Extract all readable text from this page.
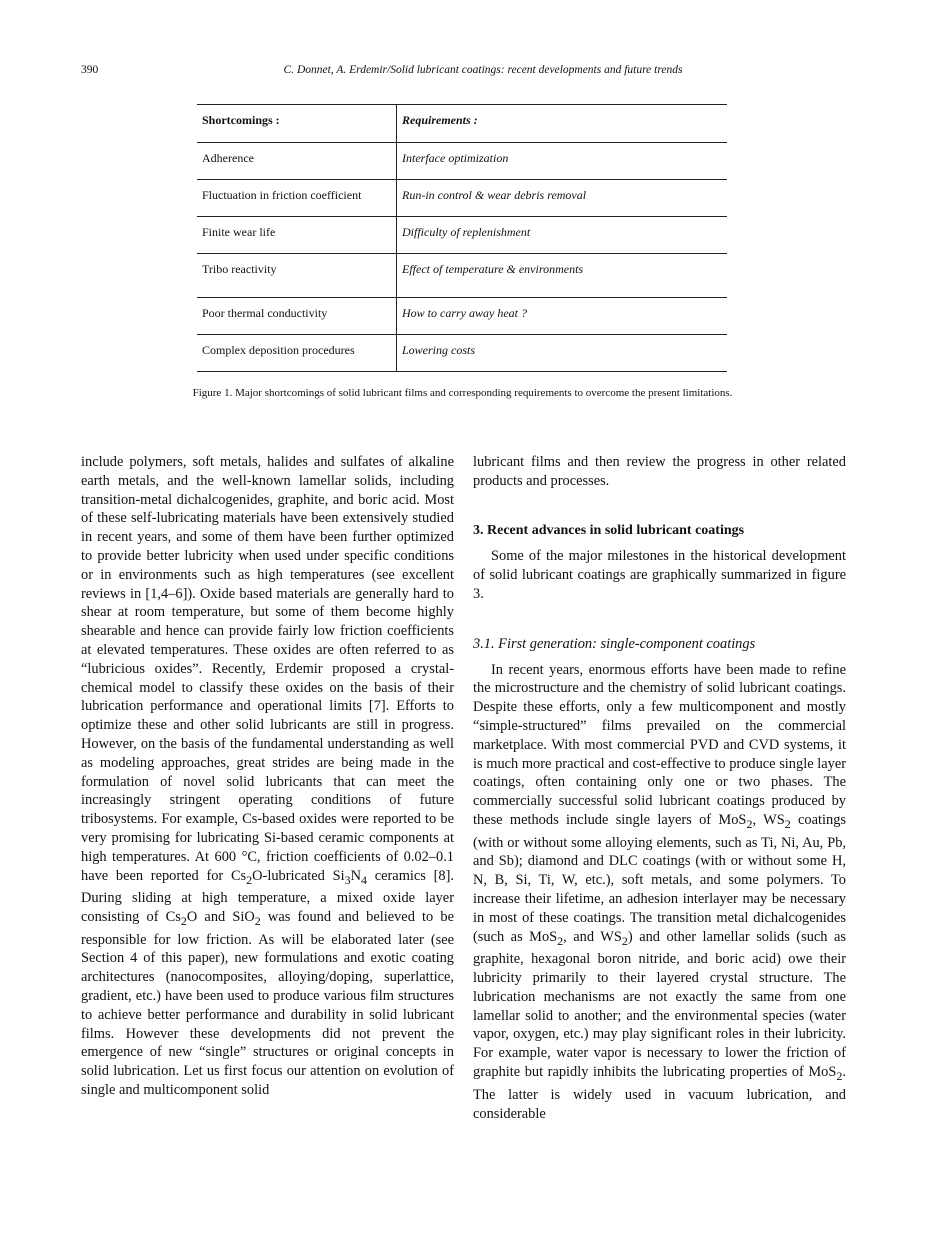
390	C. Donnet, A. Erdemir/Solid lubricant coatings: recent developments and future trends
Shortcomings :	Requirements :
Adherence	Interface optimization
Fluctuation in friction coefficient	Run-in control & wear debris removal
Finite wear life	Difficulty of replenishment
Tribo reactivity	Effect of temperature & environments
Poor thermal conductivity	How to carry away heat ?
Complex deposition procedures	Lowering costs
Figure 1. Major shortcomings of solid lubricant films and corresponding requirements to overcome the present limitations.

include polymers, soft metals, halides and sulfates of alkaline earth metals, and the well-known lamellar solids, including transition-metal dichalcogenides, graphite, and boric acid. Most of these self-lubricating materials have been extensively studied in recent years, and some of them have been further optimized to provide better lubricity when used under specific conditions or in environments such as high temperatures (see excellent reviews in [1,4–6]). Oxide based materials are generally hard to shear at room temperature, but some of them become highly shearable and hence can provide fairly low friction coefficients at elevated temperatures. These oxides are often referred to as “lubricious oxides”. Recently, Erdemir proposed a crystal-chemical model to classify these oxides on the basis of their lubrication performance and operational limits [7]. Efforts to optimize these and other solid lubricants are still in progress. However, on the basis of the fundamental understanding as well as modeling approaches, great strides are being made in the formulation of novel solid lubricants that can meet the increasingly stringent operating conditions of future tribosystems. For example, Cs-based oxides were reported to be very promising for lubricating Si-based ceramic components at high temperatures. At 600 °C, friction coefficients of 0.02–0.1 have been reported for $Cs_2O$-lubricated $Si_3N_4$ ceramics [8]. During sliding at high temperature, a mixed oxide layer consisting of $Cs_2O$ and SiO$_2$ was found and believed to be responsible for low friction. As will be elaborated later (see Section 4 of this paper), new formulations and exotic coating architectures (nanocomposites, alloying/doping, superlattice, gradient, etc.) have been used to produce various film structures to achieve better performance and durability in solid lubricant films. However these developments did not prevent the emergence of new “single” structures or original concepts in solid lubrication. Let us first focus our attention on evolution of single and multicomponent solid

lubricant films and then review the progress in other related products and processes.

3. Recent advances in solid lubricant coatings

Some of the major milestones in the historical development of solid lubricant coatings are graphically summarized in figure 3.

3.1. First generation: single-component coatings

In recent years, enormous efforts have been made to refine the microstructure and the chemistry of solid lubricant coatings. Despite these efforts, only a few multicomponent and mostly “simple-structured” films prevailed on the commercial marketplace. With most commercial PVD and CVD systems, it is much more practical and cost-effective to produce single layer coatings, often containing only one or two phases. The commercially successful solid lubricant coatings produced by these methods include single layers of MoS$_2$, $WS_2$ coatings (with or without some alloying elements, such as Ti, Ni, Au, Pb, and Sb); diamond and DLC coatings (with or without some H, N, B, Si, Ti, W, etc.), soft metals, and some polymers. To increase their lifetime, an adhesion interlayer may be necessary in most of these coatings. The transition metal dichalcogenides (such as MoS$_2$, and $WS_2$) and other lamellar solids (such as graphite, hexagonal boron nitride, and boric acid) owe their lubricity primarily to their layered crystal structure. The lubrication mechanisms are not exactly the same from one lamellar solid to another; and the environmental species (water vapor, oxygen, etc.) may play significant roles in their lubricity. For example, water vapor is necessary to lower the friction of graphite but rapidly inhibits the lubricating properties of MoS$_2$. The latter is widely used in vacuum lubrication, and considerable
